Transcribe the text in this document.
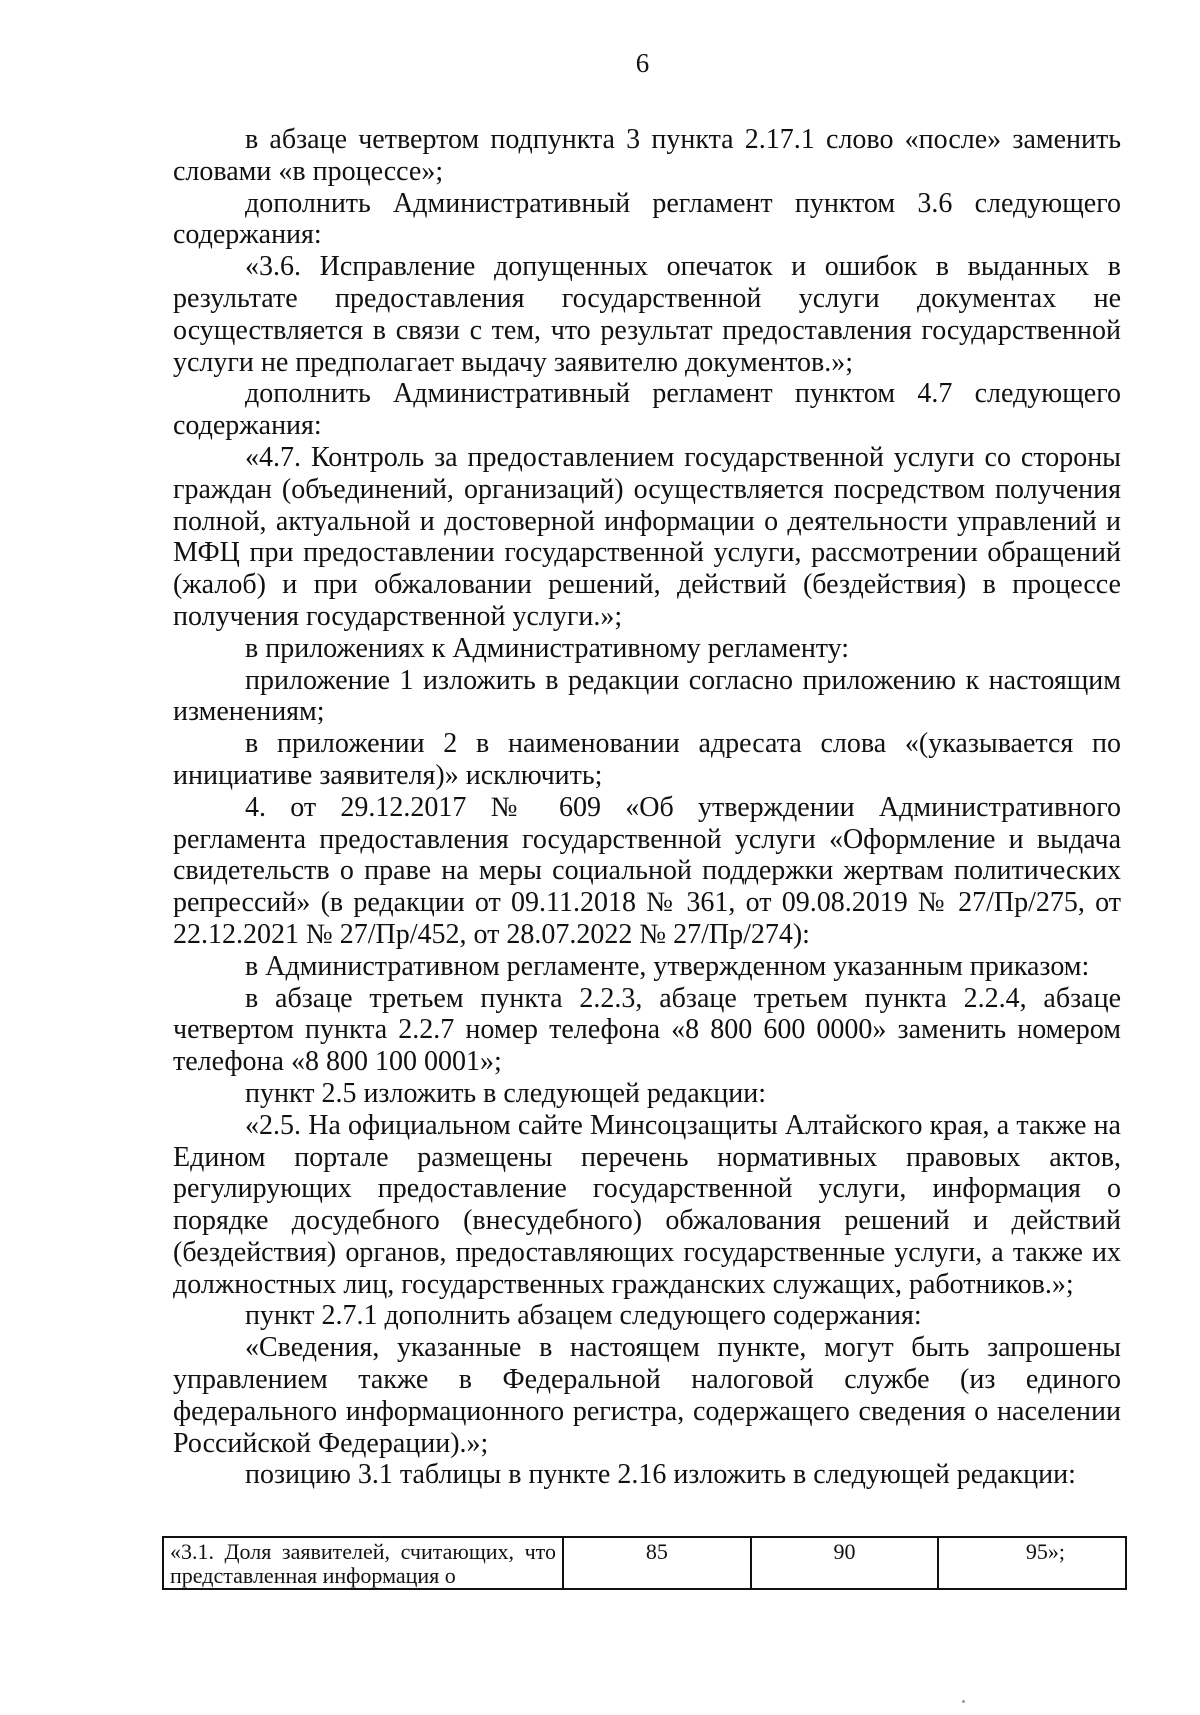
6

в абзаце четвертом подпункта 3 пункта 2.17.1 слово «после» заменить словами «в процессе»;

дополнить Административный регламент пунктом 3.6 следующего содержания:

«3.6. Исправление допущенных опечаток и ошибок в выданных в результате предоставления государственной услуги документах не осуществляется в связи с тем, что результат предоставления государственной услуги не предполагает выдачу заявителю документов.»;

дополнить Административный регламент пунктом 4.7 следующего содержания:

«4.7. Контроль за предоставлением государственной услуги со стороны граждан (объединений, организаций) осуществляется посредством получения полной, актуальной и достоверной информации о деятельности управлений и МФЦ при предоставлении государственной услуги, рассмотрении обращений (жалоб) и при обжаловании решений, действий (бездействия) в процессе получения государственной услуги.»;

в приложениях к Административному регламенту:

приложение 1 изложить в редакции согласно приложению к настоящим изменениям;

в приложении 2 в наименовании адресата слова «(указывается по инициативе заявителя)» исключить;

4. от 29.12.2017 № 609 «Об утверждении Административного регламента предоставления государственной услуги «Оформление и выдача свидетельств о праве на меры социальной поддержки жертвам политических репрессий» (в редакции от 09.11.2018 № 361, от 09.08.2019 № 27/Пр/275, от 22.12.2021 № 27/Пр/452, от 28.07.2022 № 27/Пр/274):

в Административном регламенте, утвержденном указанным приказом:

в абзаце третьем пункта 2.2.3, абзаце третьем пункта 2.2.4, абзаце четвертом пункта 2.2.7 номер телефона «8 800 600 0000» заменить номером телефона «8 800 100 0001»;

пункт 2.5 изложить в следующей редакции:

«2.5. На официальном сайте Минсоцзащиты Алтайского края, а также на Едином портале размещены перечень нормативных правовых актов, регулирующих предоставление государственной услуги, информация о порядке досудебного (внесудебного) обжалования решений и действий (бездействия) органов, предоставляющих государственные услуги, а также их должностных лиц, государственных гражданских служащих, работников.»;

пункт 2.7.1 дополнить абзацем следующего содержания:

«Сведения, указанные в настоящем пункте, могут быть запрошены управлением также в Федеральной налоговой службе (из единого федерального информационного регистра, содержащего сведения о населении Российской Федерации).»;

позицию 3.1 таблицы в пункте 2.16 изложить в следующей редакции:

«3.1. Доля заявителей, считающих, что представленная информация о	85	90	95»;
